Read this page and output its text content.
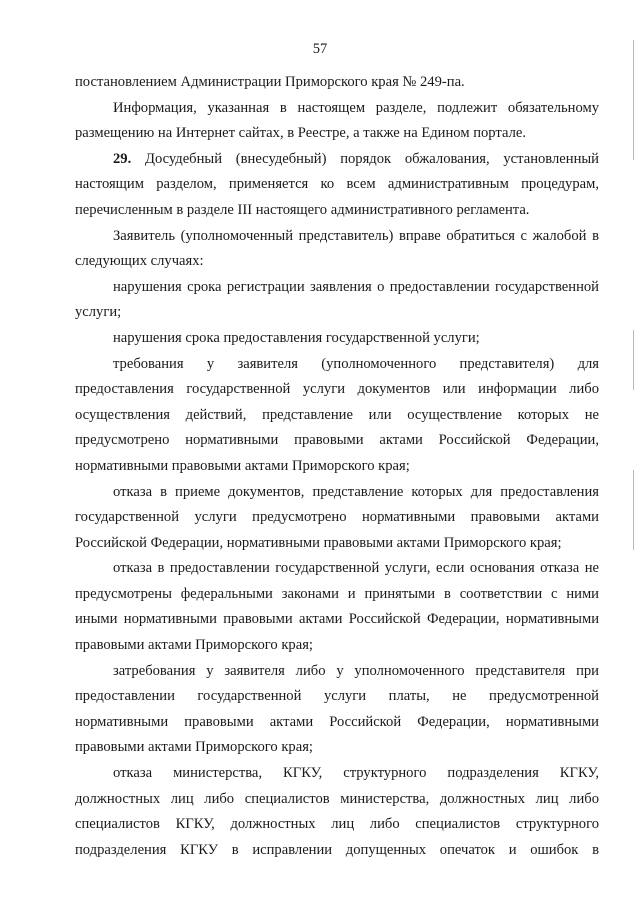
57

постановлением Администрации Приморского края № 249-па.

Информация, указанная в настоящем разделе, подлежит обязательному размещению на Интернет сайтах, в Реестре, а также на Едином портале.

29. Досудебный (внесудебный) порядок обжалования, установленный настоящим разделом, применяется ко всем административным процедурам, перечисленным в разделе III настоящего административного регламента.

Заявитель (уполномоченный представитель) вправе обратиться с жалобой в следующих случаях:

нарушения срока регистрации заявления о предоставлении государственной услуги;

нарушения срока предоставления государственной услуги;

требования у заявителя (уполномоченного представителя) для предоставления государственной услуги документов или информации либо осуществления действий, представление или осуществление которых не предусмотрено нормативными правовыми актами Российской Федерации, нормативными правовыми актами Приморского края;

отказа в приеме документов, представление которых для предоставления государственной услуги предусмотрено нормативными правовыми актами Российской Федерации, нормативными правовыми актами Приморского края;

отказа в предоставлении государственной услуги, если основания отказа не предусмотрены федеральными законами и принятыми в соответствии с ними иными нормативными правовыми актами Российской Федерации, нормативными правовыми актами Приморского края;

затребования у заявителя либо у уполномоченного представителя при предоставлении государственной услуги платы, не предусмотренной нормативными правовыми актами Российской Федерации, нормативными правовыми актами Приморского края;

отказа министерства, КГКУ, структурного подразделения КГКУ, должностных лиц либо специалистов министерства, должностных лиц либо специалистов КГКУ, должностных лиц либо специалистов структурного подразделения КГКУ в исправлении допущенных опечаток и ошибок в
